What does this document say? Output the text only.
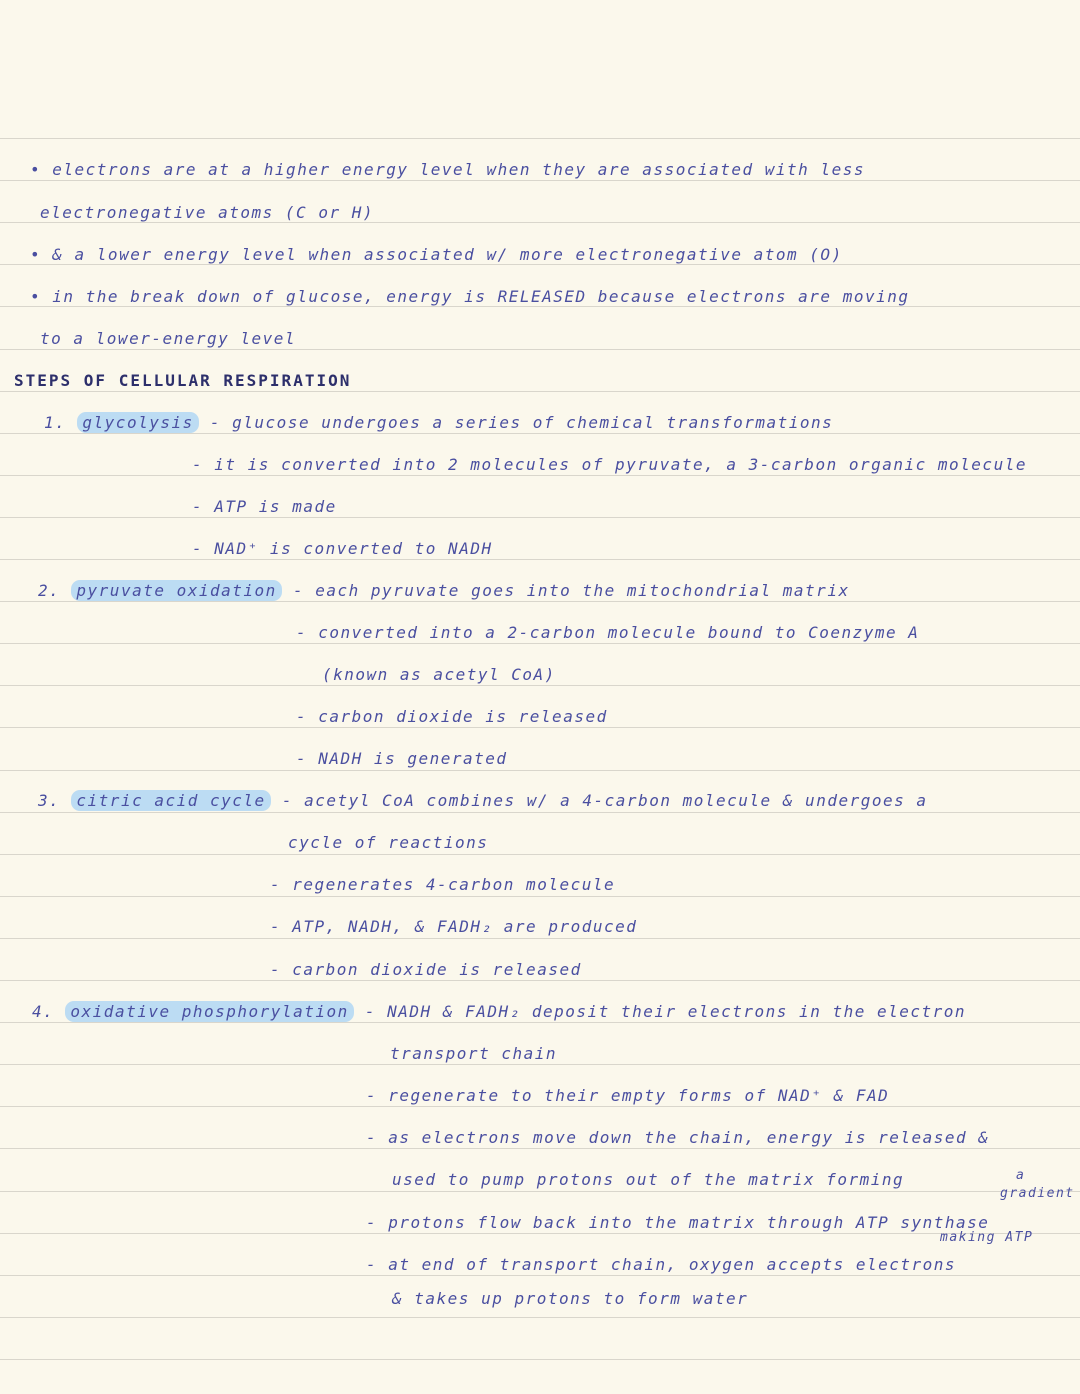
• electrons are at a higher energy level when they are associated with less
electronegative atoms (C or H)
• & a lower energy level when associated w/ more electronegative atom (O)
• in the break down of glucose, energy is RELEASED because electrons are moving
to a lower-energy level
STEPS OF CELLULAR RESPIRATION
1. glycolysis - glucose undergoes a series of chemical transformations
- it is converted into 2 molecules of pyruvate, a 3-carbon organic molecule
- ATP is made
- NAD⁺ is converted to NADH
2. pyruvate oxidation - each pyruvate goes into the mitochondrial matrix
- converted into a 2-carbon molecule bound to Coenzyme A
(known as acetyl CoA)
- carbon dioxide is released
- NADH is generated
3. citric acid cycle - acetyl CoA combines w/ a 4-carbon molecule & undergoes a
cycle of reactions
- regenerates 4-carbon molecule
- ATP, NADH, & FADH₂ are produced
- carbon dioxide is released
4. oxidative phosphorylation - NADH & FADH₂ deposit their electrons in the electron
transport chain
- regenerate to their empty forms of NAD⁺ & FAD
- as electrons move down the chain, energy is released &
used to pump protons out of the matrix forming	a
gradient
- protons flow back into the matrix through ATP synthase
making ATP
- at end of transport chain, oxygen accepts electrons
& takes up protons to form water
